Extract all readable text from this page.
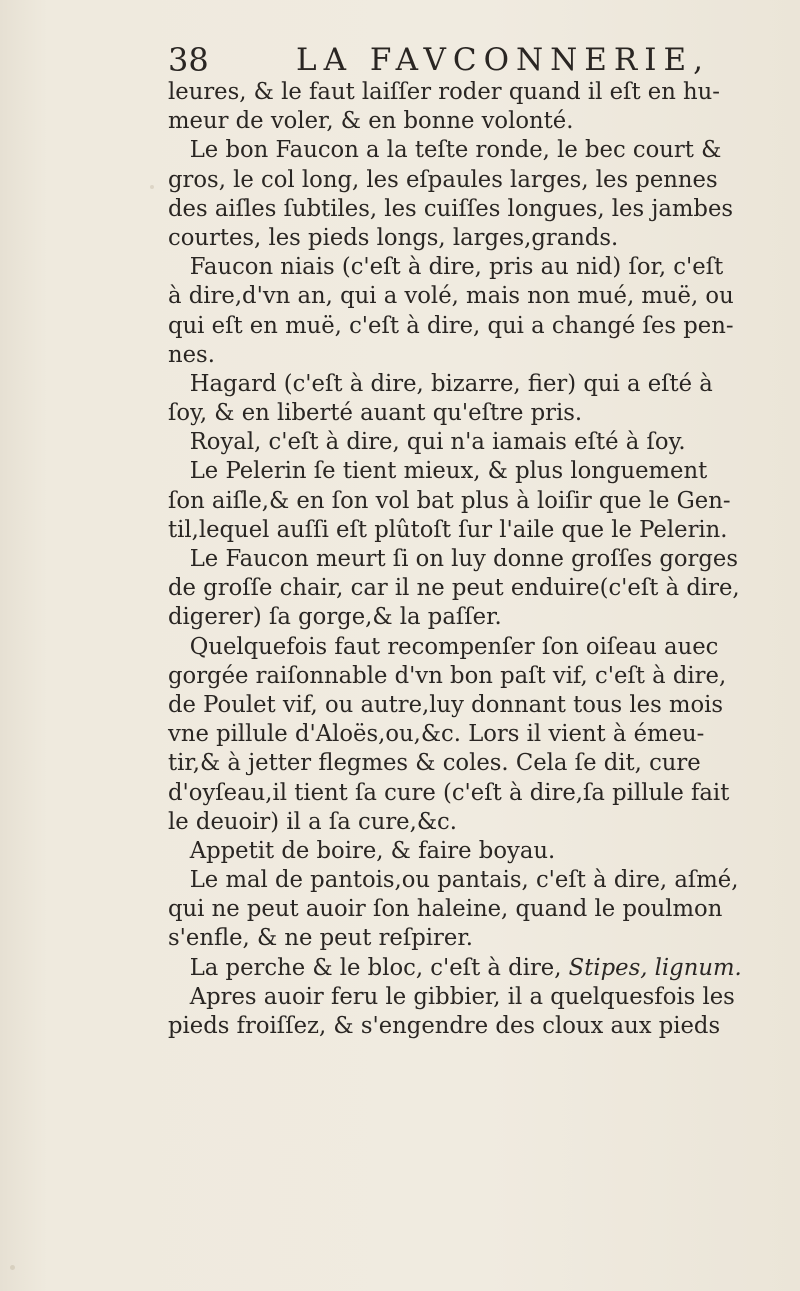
38	LA FAVCONNERIE,
leures, & le faut laiſſer roder quand il eſt en hu-
meur de voler, & en bonne volonté.
Le bon Faucon a la teſte ronde, le bec court &
gros, le col long, les eſpaules larges, les pennes
des aiſles ſubtiles, les cuiſſes longues, les jambes
courtes, les pieds longs, larges,grands.
Faucon niais (c'eſt à dire, pris au nid) ſor, c'eſt
à dire,d'vn an, qui a volé, mais non mué, muë, ou
qui eſt en muë, c'eſt à dire, qui a changé ſes pen-
nes.
Hagard (c'eſt à dire, bizarre, fier) qui a eſté à
ſoy, & en liberté auant qu'eſtre pris.
Royal, c'eſt à dire, qui n'a iamais eſté à ſoy.
Le Pelerin ſe tient mieux, & plus longuement
ſon aiſle,& en ſon vol bat plus à loiſir que le Gen-
til,lequel auſſi eſt plûtoſt ſur l'aile que le Pelerin.
Le Faucon meurt ſi on luy donne groſſes gorges
de groſſe chair, car il ne peut enduire(c'eſt à dire,
digerer) ſa gorge,& la paſſer.
Quelquefois faut recompenſer ſon oiſeau auec
gorgée raiſonnable d'vn bon paſt vif, c'eſt à dire,
de Poulet vif, ou autre,luy donnant tous les mois
vne pillule d'Aloës,ou,&c. Lors il vient à émeu-
tir,& à jetter flegmes & coles. Cela ſe dit, cure
d'oyſeau,il tient ſa cure (c'eſt à dire,ſa pillule fait
le deuoir) il a ſa cure,&c.
Appetit de boire, & faire boyau.
Le mal de pantois,ou pantais, c'eſt à dire, aſmé,
qui ne peut auoir ſon haleine, quand le poulmon
s'enfle, & ne peut reſpirer.
La perche & le bloc, c'eſt à dire, Stipes, lignum.
Apres auoir feru le gibbier, il a quelquesfois les
pieds froiſſez, & s'engendre des cloux aux pieds
